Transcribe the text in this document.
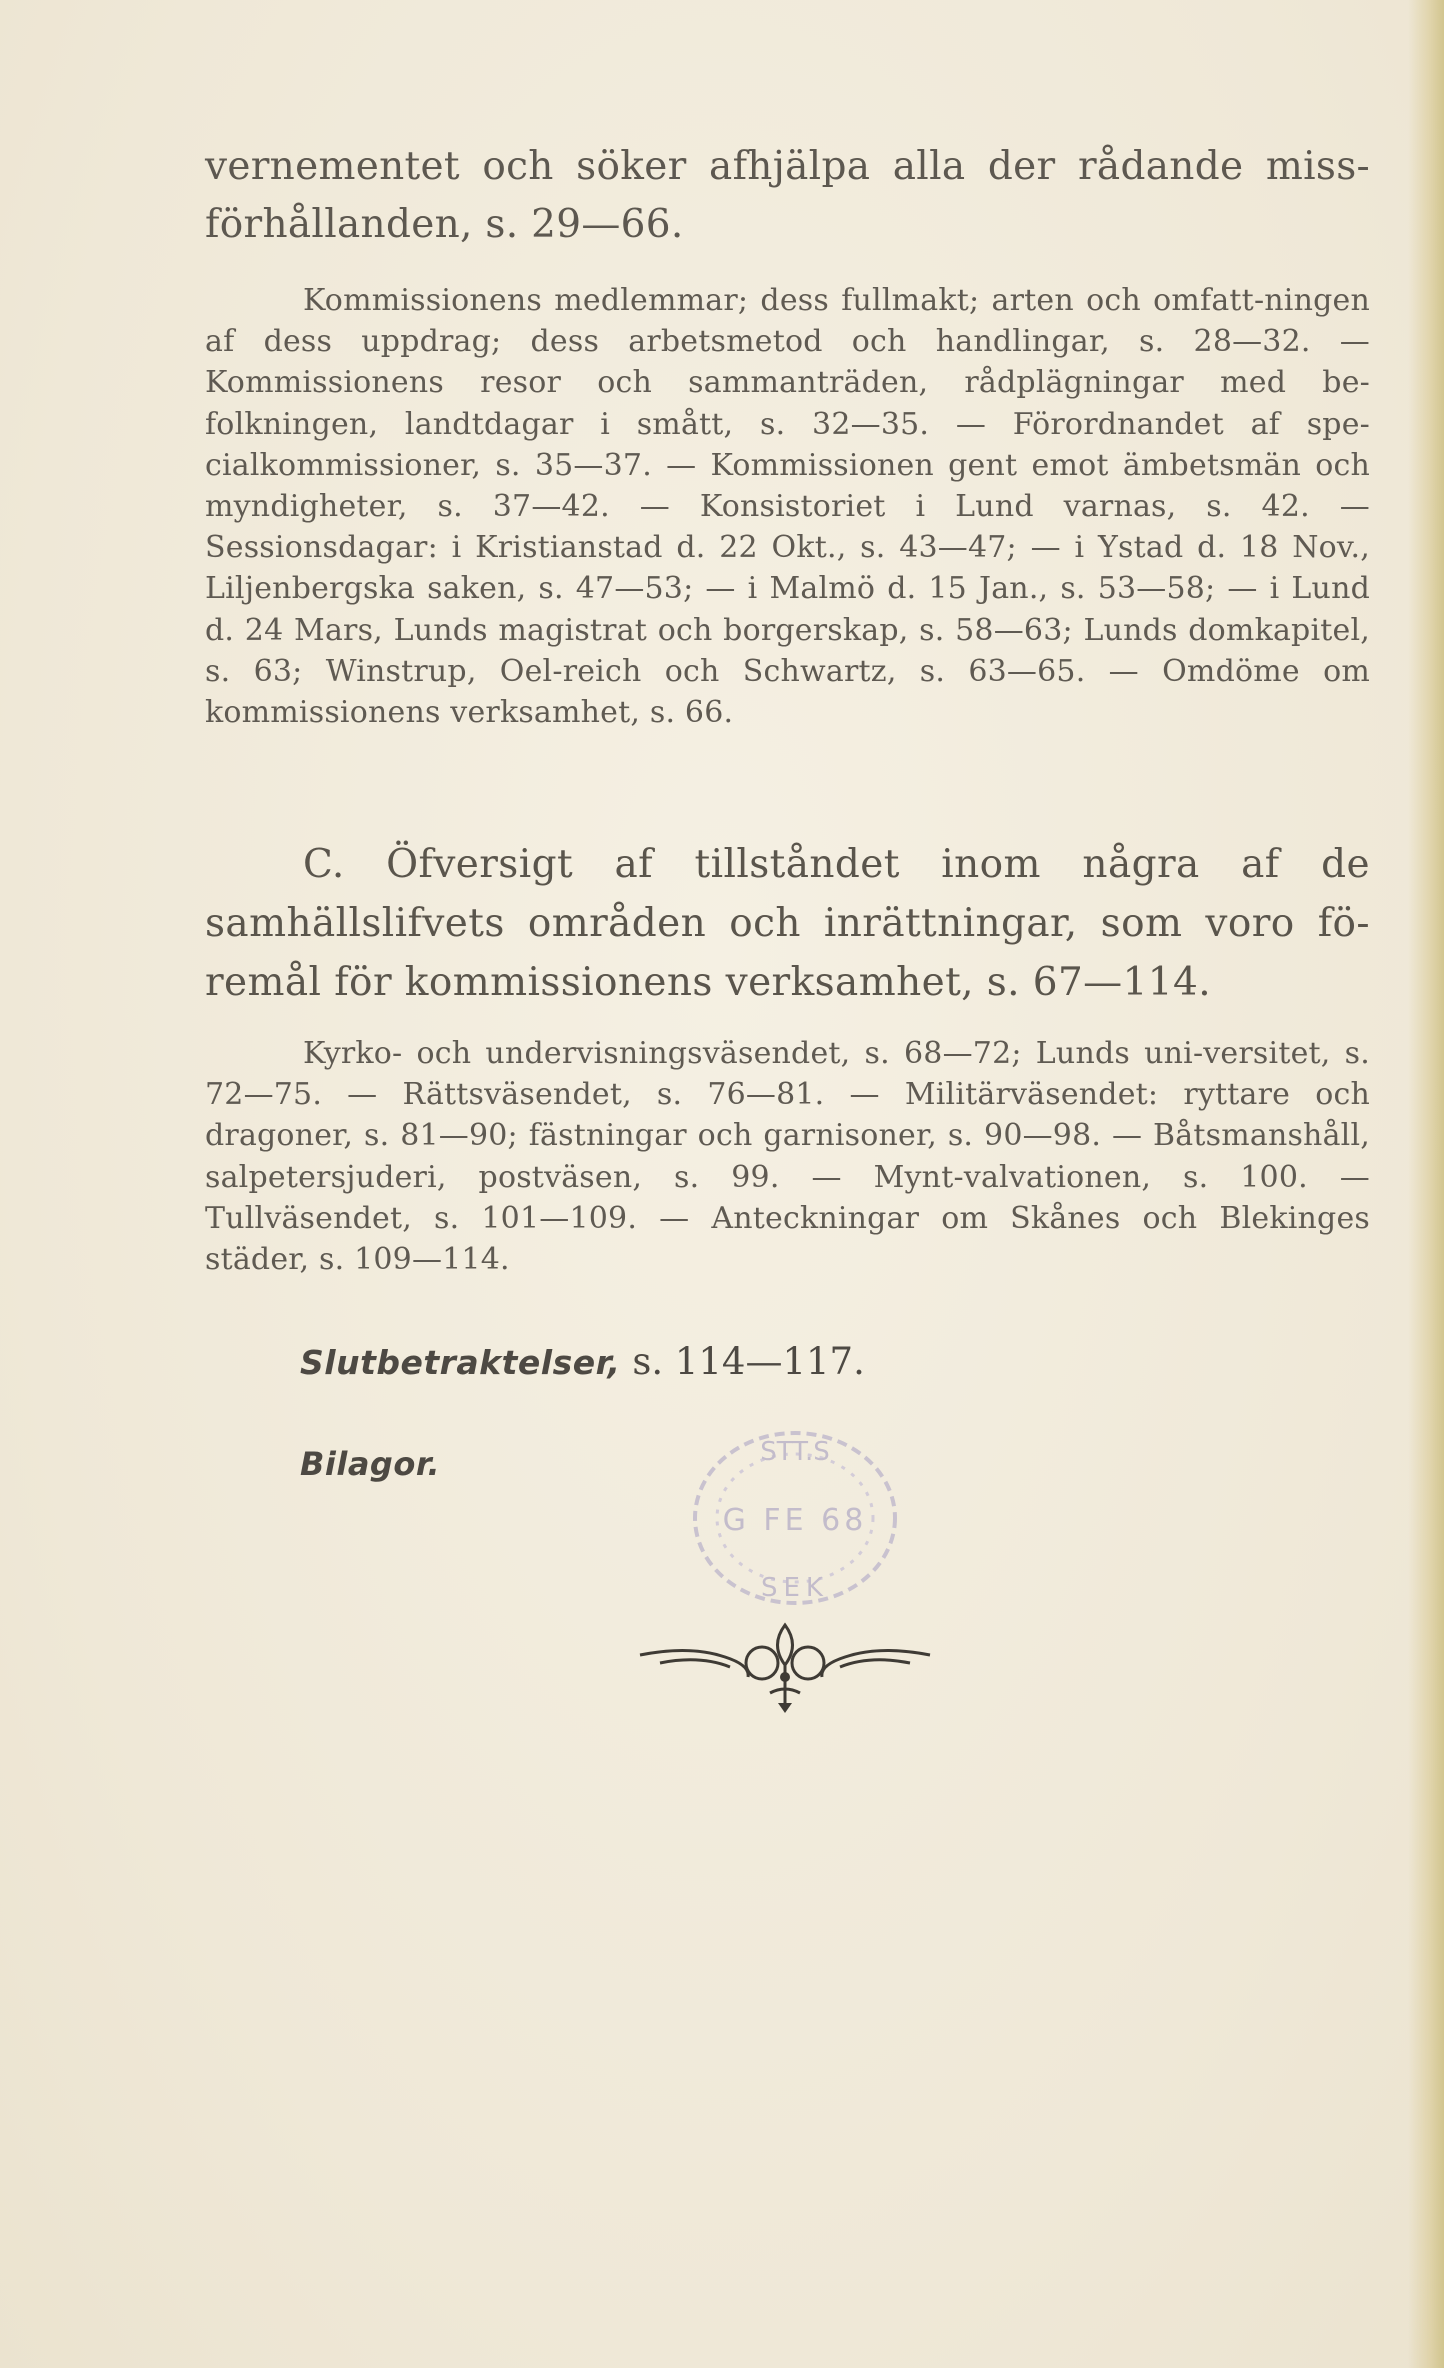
vernementet och söker afhjälpa alla der rådande miss-förhållanden, s. 29—66.
Kommissionens medlemmar; dess fullmakt; arten och omfatt-ningen af dess uppdrag; dess arbetsmetod och handlingar, s. 28—32. — Kommissionens resor och sammanträden, rådplägningar med be-folkningen, landtdagar i smått, s. 32—35. — Förordnandet af spe-cialkommissioner, s. 35—37. — Kommissionen gent emot ämbetsmän och myndigheter, s. 37—42. — Konsistoriet i Lund varnas, s. 42. — Sessionsdagar: i Kristianstad d. 22 Okt., s. 43—47; — i Ystad d. 18 Nov., Liljenbergska saken, s. 47—53; — i Malmö d. 15 Jan., s. 53—58; — i Lund d. 24 Mars, Lunds magistrat och borgerskap, s. 58—63; Lunds domkapitel, s. 63; Winstrup, Oel-reich och Schwartz, s. 63—65. — Omdöme om kommissionens verksamhet, s. 66.
C. Öfversigt af tillståndet inom några af de samhällslifvets områden och inrättningar, som voro fö-remål för kommissionens verksamhet, s. 67—114.
Kyrko- och undervisningsväsendet, s. 68—72; Lunds uni-versitet, s. 72—75. — Rättsväsendet, s. 76—81. — Militärväsendet: ryttare och dragoner, s. 81—90; fästningar och garnisoner, s. 90—98. — Båtsmanshåll, salpetersjuderi, postväsen, s. 99. — Mynt-valvationen, s. 100. — Tullväsendet, s. 101—109. — Anteckningar om Skånes och Blekinges städer, s. 109—114.
Slutbetraktelser, s. 114—117.
Bilagor.	STT.S
G FE 68
SEK
